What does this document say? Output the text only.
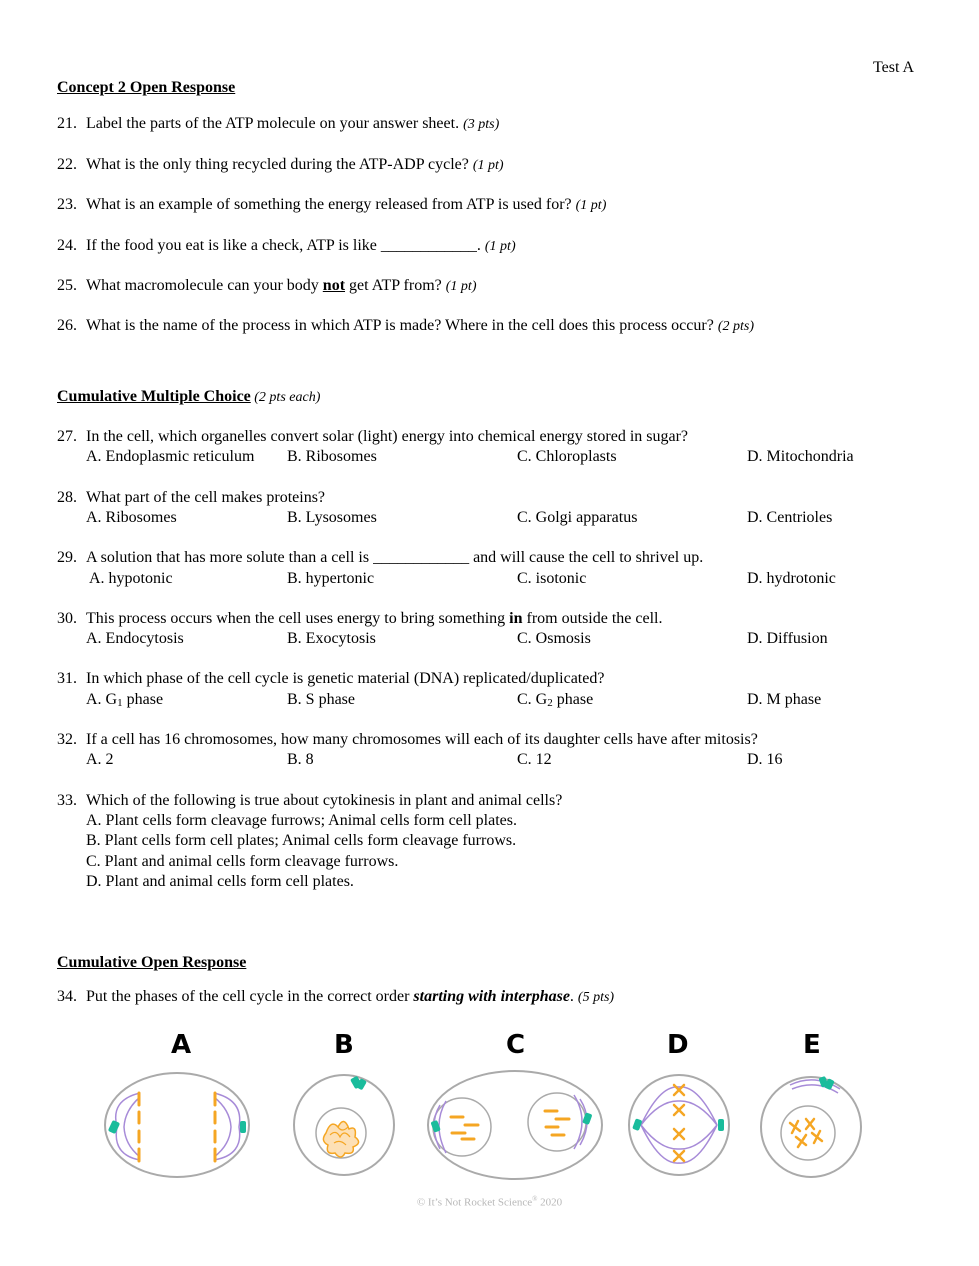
Test A
Concept 2 Open Response
21. Label the parts of the ATP molecule on your answer sheet. (3 pts)
22. What is the only thing recycled during the ATP-ADP cycle? (1 pt)
23. What is an example of something the energy released from ATP is used for? (1 pt)
24. If the food you eat is like a check, ATP is like ____________. (1 pt)
25. What macromolecule can your body not get ATP from? (1 pt)
26. What is the name of the process in which ATP is made? Where in the cell does this process occur? (2 pts)
Cumulative Multiple Choice (2 pts each)
27. In the cell, which organelles convert solar (light) energy into chemical energy stored in sugar?
A. Endoplasmic reticulum B. Ribosomes	C. Chloroplasts	D. Mitochondria
28. What part of the cell makes proteins?
A. Ribosomes	B. Lysosomes	C. Golgi apparatus	D. Centrioles
29. A solution that has more solute than a cell is ____________ and will cause the cell to shrivel up.
A. hypotonic	B. hypertonic	C. isotonic	D. hydrotonic
30. This process occurs when the cell uses energy to bring something in from outside the cell.
A. Endocytosis	B. Exocytosis	C. Osmosis	D. Diffusion
31. In which phase of the cell cycle is genetic material (DNA) replicated/duplicated?
A. $G_1$ phase	B. S phase	C. $G_2$ phase	D. M phase
32. If a cell has 16 chromosomes, how many chromosomes will each of its daughter cells have after mitosis?
A. 2	B. 8	C. 12	D. 16
33. Which of the following is true about cytokinesis in plant and animal cells?
A. Plant cells form cleavage furrows; Animal cells form cell plates.
B. Plant cells form cell plates; Animal cells form cleavage furrows.
C. Plant and animal cells form cleavage furrows.
D. Plant and animal cells form cell plates.
Cumulative Open Response
34. Put the phases of the cell cycle in the correct order starting with interphase. (5 pts)
A	B	C	D	E
© It’s Not Rocket Science® 2020
